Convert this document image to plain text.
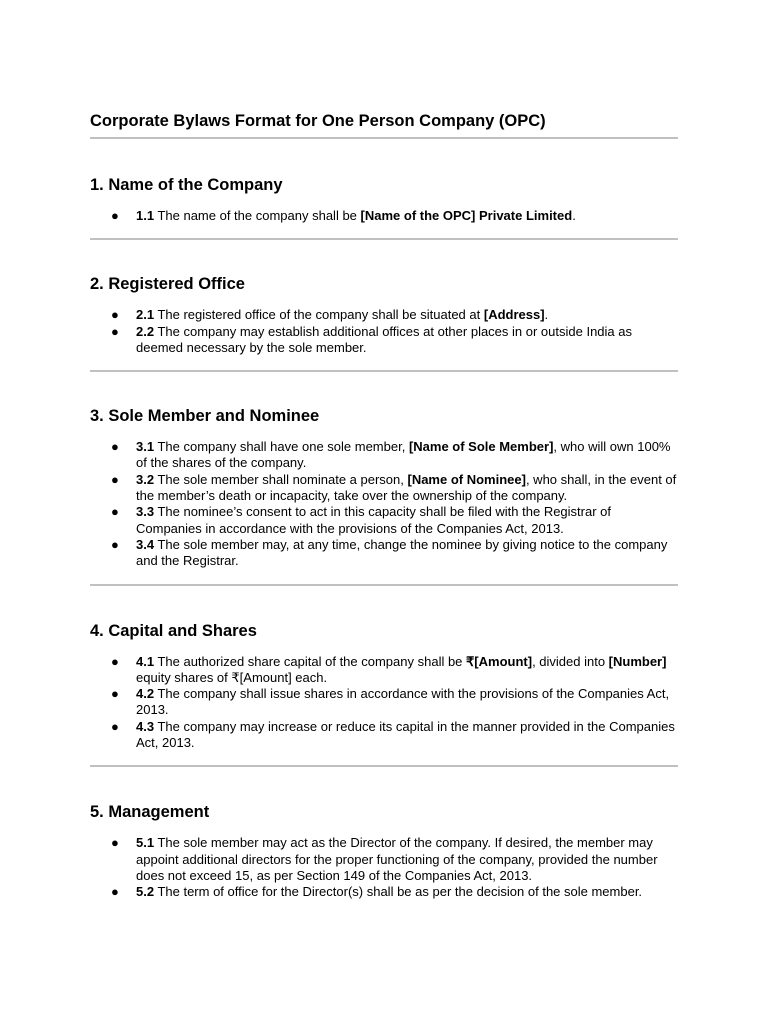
Corporate Bylaws Format for One Person Company (OPC)
1. Name of the Company
● 1.1 The name of the company shall be [Name of the OPC] Private Limited.
2. Registered Office
● 2.1 The registered office of the company shall be situated at [Address].
● 2.2 The company may establish additional offices at other places in or outside India as deemed necessary by the sole member.
3. Sole Member and Nominee
● 3.1 The company shall have one sole member, [Name of Sole Member], who will own 100% of the shares of the company.
● 3.2 The sole member shall nominate a person, [Name of Nominee], who shall, in the event of the member’s death or incapacity, take over the ownership of the company.
● 3.3 The nominee’s consent to act in this capacity shall be filed with the Registrar of Companies in accordance with the provisions of the Companies Act, 2013.
● 3.4 The sole member may, at any time, change the nominee by giving notice to the company and the Registrar.
4. Capital and Shares
● 4.1 The authorized share capital of the company shall be ₹[Amount], divided into [Number] equity shares of ₹[Amount] each.
● 4.2 The company shall issue shares in accordance with the provisions of the Companies Act, 2013.
● 4.3 The company may increase or reduce its capital in the manner provided in the Companies Act, 2013.
5. Management
● 5.1 The sole member may act as the Director of the company. If desired, the member may appoint additional directors for the proper functioning of the company, provided the number does not exceed 15, as per Section 149 of the Companies Act, 2013.
● 5.2 The term of office for the Director(s) shall be as per the decision of the sole member.
